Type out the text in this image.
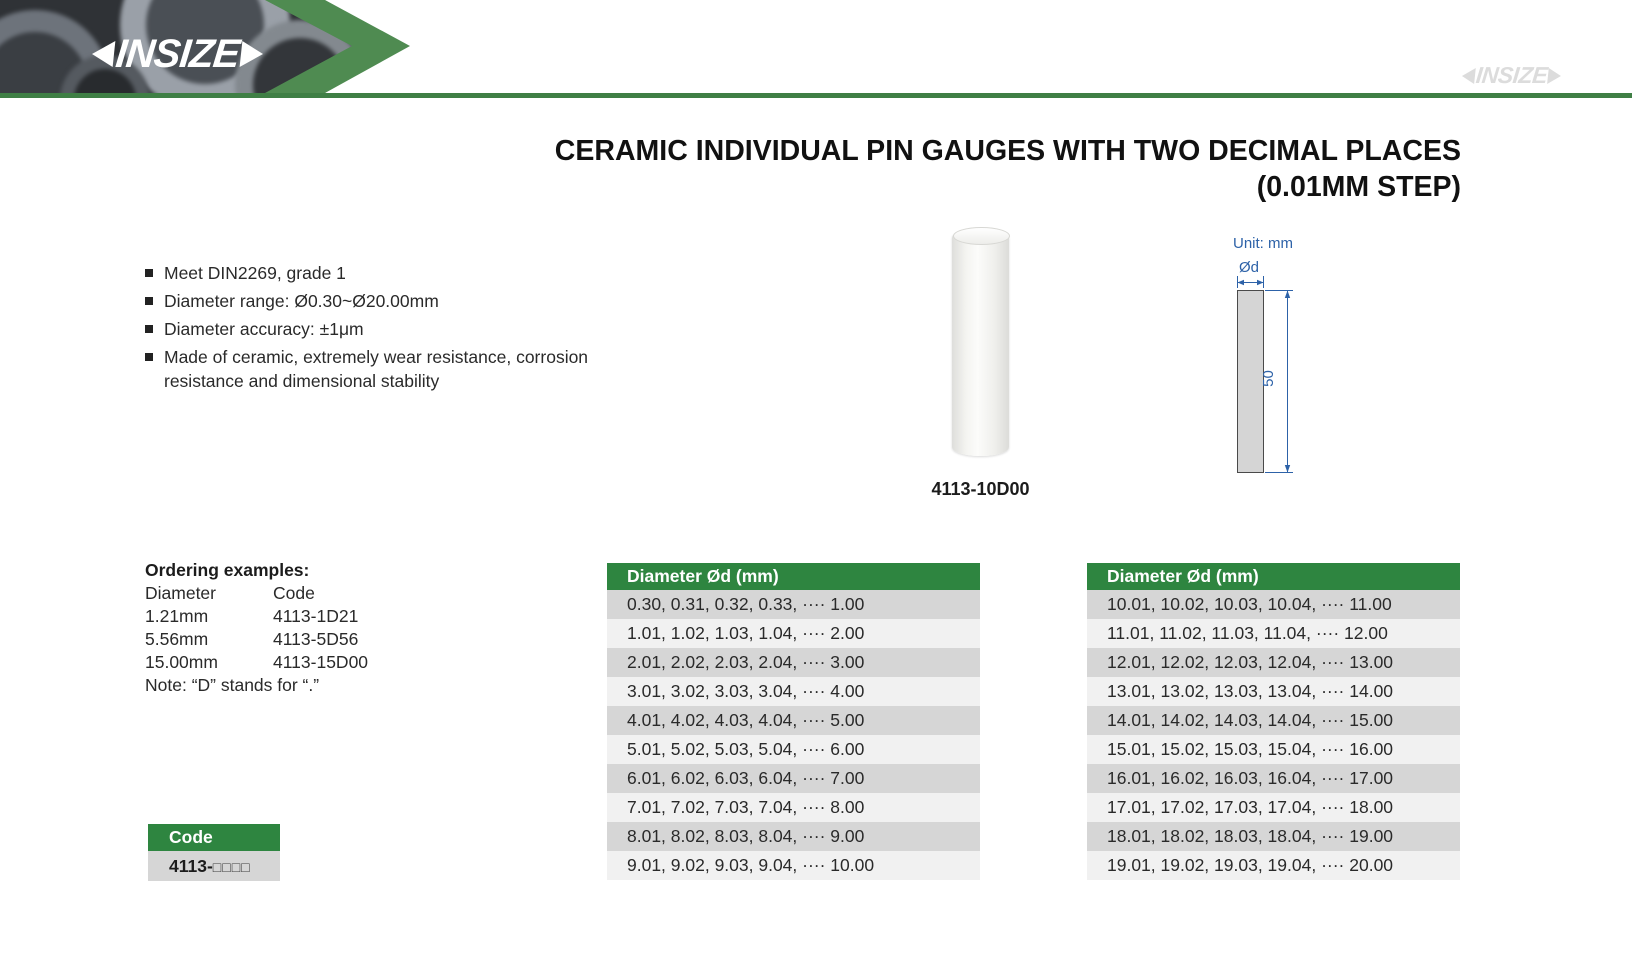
INSIZE	INSIZE
CERAMIC INDIVIDUAL PIN GAUGES WITH TWO DECIMAL PLACES
(0.01MM STEP)
Meet DIN2269, grade 1
Diameter range: Ø0.30~Ø20.00mm
Diameter accuracy: ±1μm
Made of ceramic, extremely wear resistance, corrosion resistance and dimensional stability
4113-10D00
Unit: mm
Ød
50
Ordering examples:
Diameter	Code
1.21mm	4113-1D21
5.56mm	4113-5D56
15.00mm	4113-15D00
Note: “D” stands for “.”
Code
4113-□□□□
Diameter Ød (mm)
0.30, 0.31, 0.32, 0.33, ···· 1.00
1.01, 1.02, 1.03, 1.04, ···· 2.00
2.01, 2.02, 2.03, 2.04, ···· 3.00
3.01, 3.02, 3.03, 3.04, ···· 4.00
4.01, 4.02, 4.03, 4.04, ···· 5.00
5.01, 5.02, 5.03, 5.04, ···· 6.00
6.01, 6.02, 6.03, 6.04, ···· 7.00
7.01, 7.02, 7.03, 7.04, ···· 8.00
8.01, 8.02, 8.03, 8.04, ···· 9.00
9.01, 9.02, 9.03, 9.04, ···· 10.00
Diameter Ød (mm)
10.01, 10.02, 10.03, 10.04, ···· 11.00
11.01, 11.02, 11.03, 11.04, ···· 12.00
12.01, 12.02, 12.03, 12.04, ···· 13.00
13.01, 13.02, 13.03, 13.04, ···· 14.00
14.01, 14.02, 14.03, 14.04, ···· 15.00
15.01, 15.02, 15.03, 15.04, ···· 16.00
16.01, 16.02, 16.03, 16.04, ···· 17.00
17.01, 17.02, 17.03, 17.04, ···· 18.00
18.01, 18.02, 18.03, 18.04, ···· 19.00
19.01, 19.02, 19.03, 19.04, ···· 20.00
